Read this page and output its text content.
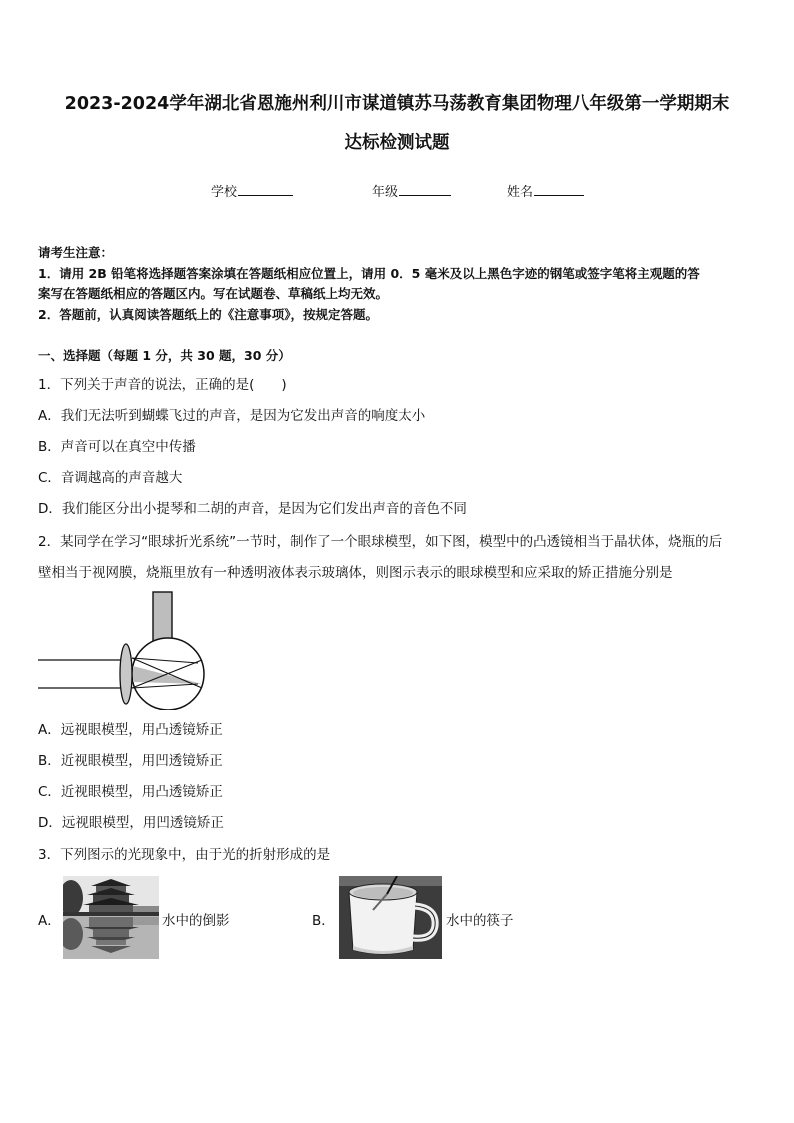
2023-2024学年湖北省恩施州利川市谋道镇苏马荡教育集团物理八年级第一学期期末
达标检测试题
学校	年级	姓名

请考生注意：

1．请用 2B 铅笔将选择题答案涂填在答题纸相应位置上，请用 0．5 毫米及以上黑色字迹的钢笔或签字笔将主观题的答

案写在答题纸相应的答题区内。写在试题卷、草稿纸上均无效。

2．答题前，认真阅读答题纸上的《注意事项》，按规定答题。

一、选择题（每题 1 分，共 30 题，30 分）
1．下列关于声音的说法，正确的是(　　)
A．我们无法听到蝴蝶飞过的声音，是因为它发出声音的响度太小
B．声音可以在真空中传播
C．音调越高的声音越大
D．我们能区分出小提琴和二胡的声音，是因为它们发出声音的音色不同
2．某同学在学习“眼球折光系统”一节时，制作了一个眼球模型，如下图，模型中的凸透镜相当于晶状体，烧瓶的后
壁相当于视网膜，烧瓶里放有一种透明液体表示玻璃体，则图示表示的眼球模型和应采取的矫正措施分别是
A．远视眼模型，用凸透镜矫正
B．近视眼模型，用凹透镜矫正
C．近视眼模型，用凸透镜矫正
D．远视眼模型，用凹透镜矫正
3．下列图示的光现象中，由于光的折射形成的是
A．	水中的倒影	B．	水中的筷子
